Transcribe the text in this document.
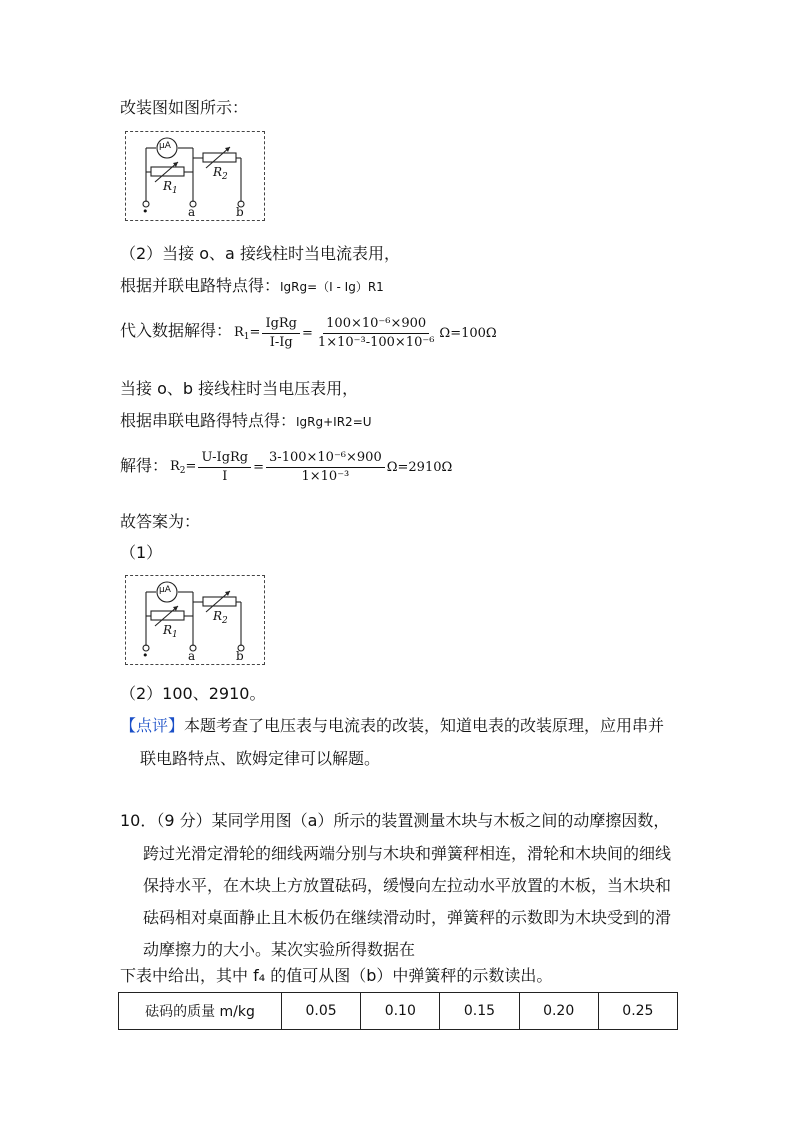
改装图如图所示：
μA
$R_1$
$R_2$
•	a	b
（2）当接 o、a 接线柱时当电流表用，
根据并联电路特点得：IgRg=（I - Ig）R1
代入数据解得： $R_1= \frac{\text{IgRg}}{I-Ig} = \frac{\text{100×10⁻⁶×900}}{\text{1×10⁻³-100×10⁻⁶}} \Omega=100\Omega$
当接 o、b 接线柱时当电压表用，
根据串联电路得特点得：IgRg+IR2=U
解得： $R_2= \frac{\text{U-IgRg}}{I} = \frac{\text{3-100×10⁻⁶×900}}{\text{1×10⁻³}} \Omega=2910\Omega$
故答案为：
（1）
μA
$R_1$
$R_2$
•	a	b
（2）100、2910。
【点评】本题考查了电压表与电流表的改装，知道电表的改装原理，应用串并
联电路特点、欧姆定律可以解题。
10．（9 分）某同学用图（a）所示的装置测量木块与木板之间的动摩擦因数，
跨过光滑定滑轮的细线两端分别与木块和弹簧秤相连，滑轮和木块间的细线
保持水平，在木块上方放置砝码，缓慢向左拉动水平放置的木板，当木块和
砝码相对桌面静止且木板仍在继续滑动时，弹簧秤的示数即为木块受到的滑
动摩擦力的大小。某次实验所得数据在
下表中给出，其中 f₄ 的值可从图（b）中弹簧秤的示数读出。
砝码的质量 m/kg	0.05	0.10	0.15	0.20	0.25
